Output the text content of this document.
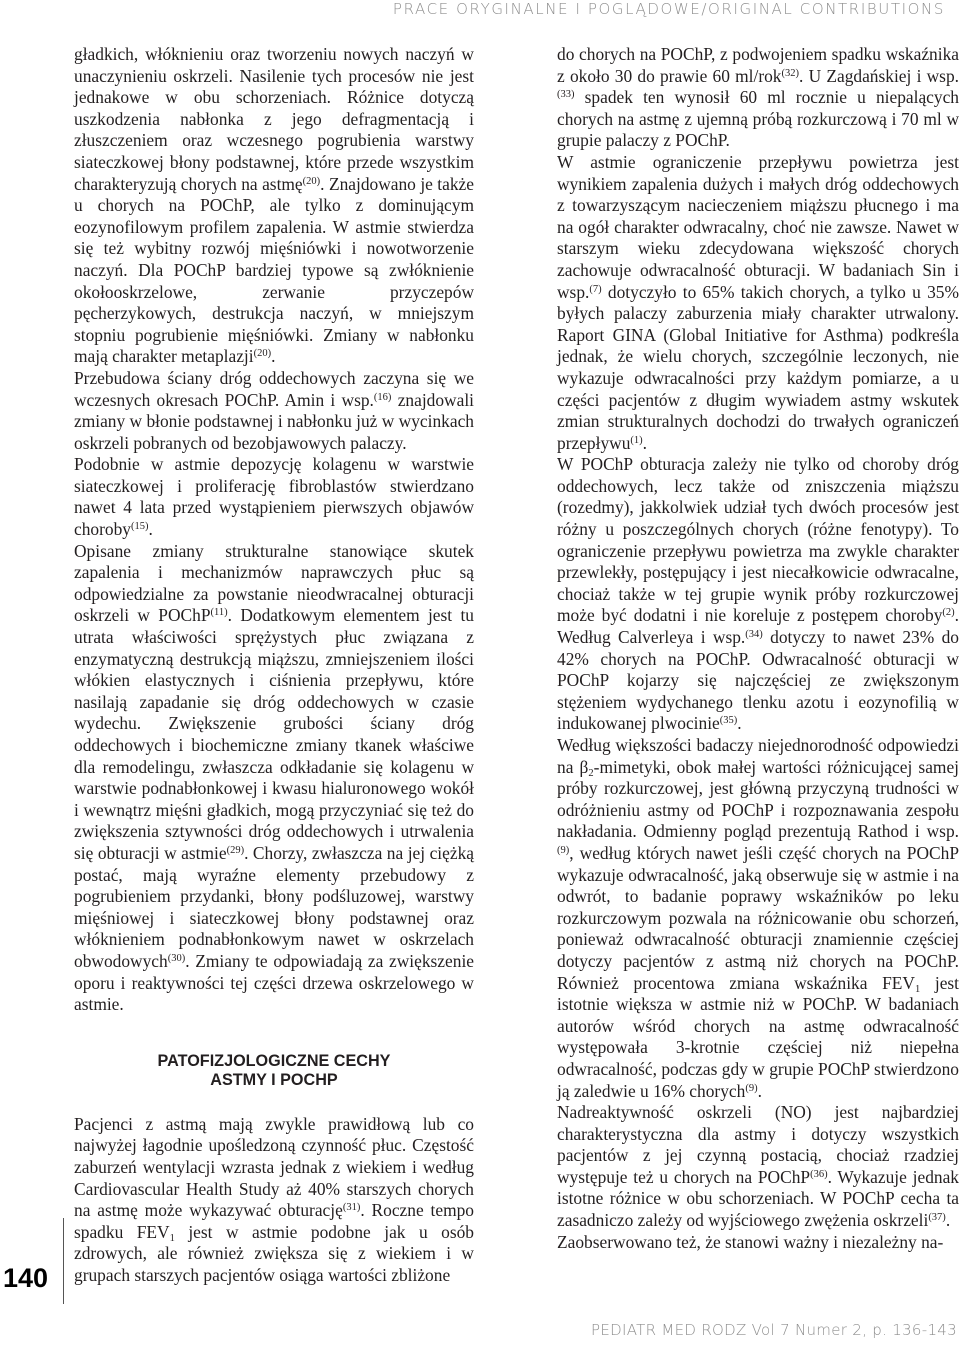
PRACE ORYGINALNE I POGLĄDOWE/ORIGINAL CONTRIBUTIONS
140

gładkich, włóknieniu oraz tworzeniu nowych naczyń w unaczynieniu oskrzeli. Nasilenie tych procesów nie jest jednakowe w obu schorzeniach. Różnice dotyczą uszkodzenia nabłonka z jego defragmentacją i złuszczeniem oraz wczesnego pogrubienia warstwy siateczkowej błony podstawnej, które przede wszystkim charakteryzują chorych na astmę$^{(20)}$. Znajdowano je także u chorych na POChP, ale tylko z dominującym eozynofilowym profilem zapalenia. W astmie stwierdza się też wybitny rozwój mięśniówki i nowotworzenie naczyń. Dla POChP bardziej typowe są zwłóknienie okołooskrzelowe, zerwanie przyczepów pęcherzykowych, destrukcja naczyń, w mniejszym stopniu pogrubienie mięśniówki. Zmiany w nabłonku mają charakter metaplazji$^{(20)}$.

Przebudowa ściany dróg oddechowych zaczyna się we wczesnych okresach POChP. Amin i wsp.$^{(16)}$ znajdowali zmiany w błonie podstawnej i nabłonku już w wycinkach oskrzeli pobranych od bezobjawowych palaczy.

Podobnie w astmie depozycję kolagenu w warstwie siateczkowej i proliferację fibroblastów stwierdzano nawet 4 lata przed wystąpieniem pierwszych objawów choroby$^{(15)}$.

Opisane zmiany strukturalne stanowiące skutek zapalenia i mechanizmów naprawczych płuc są odpowiedzialne za powstanie nieodwracalnej obturacji oskrzeli w POChP$^{(11)}$. Dodatkowym elementem jest tu utrata właściwości sprężystych płuc związana z enzymatyczną destrukcją miąższu, zmniejszeniem ilości włókien elastycznych i ciśnienia przepływu, które nasilają zapadanie się dróg oddechowych w czasie wydechu. Zwiększenie grubości ściany dróg oddechowych i biochemiczne zmiany tkanek właściwe dla remodelingu, zwłaszcza odkładanie się kolagenu w warstwie podnabłonkowej i kwasu hialuronowego wokół i wewnątrz mięśni gładkich, mogą przyczyniać się też do zwiększenia sztywności dróg oddechowych i utrwalenia się obturacji w astmie$^{(29)}$. Chorzy, zwłaszcza na jej ciężką postać, mają wyraźne elementy przebudowy z pogrubieniem przydanki, błony podśluzowej, warstwy mięśniowej i siateczkowej błony podstawnej oraz włóknieniem podnabłonkowym nawet w oskrzelach obwodowych$^{(30)}$. Zmiany te odpowiadają za zwiększenie oporu i reaktywności tej części drzewa oskrzelowego w astmie.

PATOFIZJOLOGICZNE CECHY
ASTMY I POCHP

Pacjenci z astmą mają zwykle prawidłową lub co najwyżej łagodnie upośledzoną czynność płuc. Częstość zaburzeń wentylacji wzrasta jednak z wiekiem i według Cardiovascular Health Study aż 40% starszych chorych na astmę może wykazywać obturację$^{(31)}$. Roczne tempo spadku $FEV_1$ jest w astmie podobne jak u osób zdrowych, ale również zwiększa się z wiekiem i w grupach starszych pacjentów osiąga wartości zbliżone

do chorych na POChP, z podwojeniem spadku wskaźnika z około 30 do prawie 60 ml/rok$^{(32)}$. U Zagdańskiej i wsp.$^{(33)}$ spadek ten wynosił 60 ml rocznie u niepalących chorych na astmę z ujemną próbą rozkurczową i 70 ml w grupie palaczy z POChP.

W astmie ograniczenie przepływu powietrza jest wynikiem zapalenia dużych i małych dróg oddechowych z towarzyszącym nacieczeniem miąższu płucnego i ma na ogół charakter odwracalny, choć nie zawsze. Nawet w starszym wieku zdecydowana większość chorych zachowuje odwracalność obturacji. W badaniach Sin i wsp.$^{(7)}$ dotyczyło to 65% takich chorych, a tylko u 35% byłych palaczy zaburzenia miały charakter utrwalony. Raport GINA (Global Initiative for Asthma) podkreśla jednak, że wielu chorych, szczególnie leczonych, nie wykazuje odwracalności przy każdym pomiarze, a u części pacjentów z długim wywiadem astmy wskutek zmian strukturalnych dochodzi do trwałych ograniczeń przepływu$^{(1)}$.

W POChP obturacja zależy nie tylko od choroby dróg oddechowych, lecz także od zniszczenia miąższu (rozedmy), jakkolwiek udział tych dwóch procesów jest różny u poszczególnych chorych (różne fenotypy). To ograniczenie przepływu powietrza ma zwykle charakter przewlekły, postępujący i jest niecałkowicie odwracalne, chociaż także w tej grupie wynik próby rozkurczowej może być dodatni i nie koreluje z postępem choroby$^{(2)}$. Według Calverleya i wsp.$^{(34)}$ dotyczy to nawet 23% do 42% chorych na POChP. Odwracalność obturacji w POChP kojarzy się najczęściej ze zwiększonym stężeniem wydychanego tlenku azotu i eozynofilią w indukowanej plwocinie$^{(35)}$.

Według większości badaczy niejednorodność odpowiedzi na $\beta_2$-mimetyki, obok małej wartości różnicującej samej próby rozkurczowej, jest główną przyczyną trudności w odróżnieniu astmy od POChP i rozpoznawania zespołu nakładania. Odmienny pogląd prezentują Rathod i wsp.$^{(9)}$, według których nawet jeśli część chorych na POChP wykazuje odwracalność, jaką obserwuje się w astmie i na odwrót, to badanie poprawy wskaźników po leku rozkurczowym pozwala na różnicowanie obu schorzeń, ponieważ odwracalność obturacji znamiennie częściej dotyczy pacjentów z astmą niż chorych na POChP. Również procentowa zmiana wskaźnika $FEV_1$ jest istotnie większa w astmie niż w POChP. W badaniach autorów wśród chorych na astmę odwracalność występowała 3-krotnie częściej niż niepełna odwracalność, podczas gdy w grupie POChP stwierdzono ją zaledwie u 16% chorych$^{(9)}$.

Nadreaktywność oskrzeli (NO) jest najbardziej charakterystyczna dla astmy i dotyczy wszystkich pacjentów z jej czynną postacią, chociaż rzadziej występuje też u chorych na POChP$^{(36)}$. Wykazuje jednak istotne różnice w obu schorzeniach. W POChP cecha ta zasadniczo zależy od wyjściowego zwężenia oskrzeli$^{(37)}$.

Zaobserwowano też, że stanowi ważny i niezależny na-

PEDIATR MED RODZ Vol 7 Numer 2, p. 136-143
